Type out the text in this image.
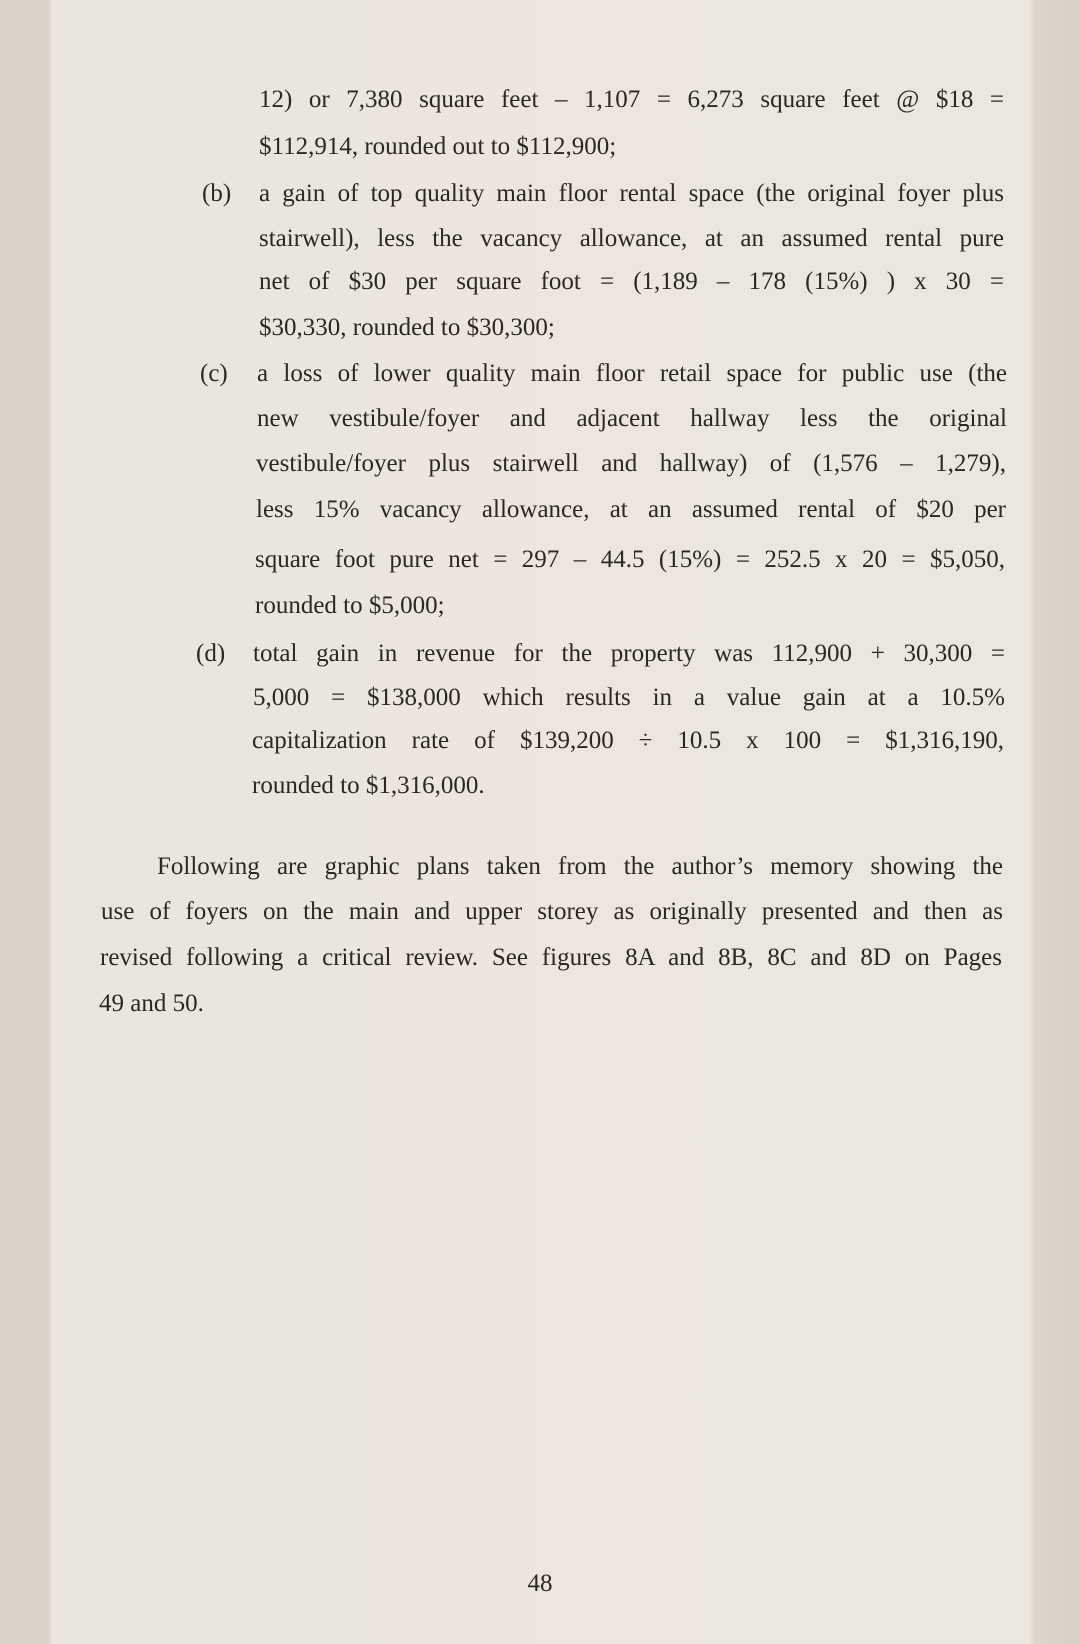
12) or 7,380 square feet – 1,107 = 6,273 square feet @ $18 =
$112,914, rounded out to $112,900;
(b) a gain of top quality main floor rental space (the original foyer plus
stairwell), less the vacancy allowance, at an assumed rental pure
net of $30 per square foot = (1,189 – 178 (15%) ) x 30 =
$30,330, rounded to $30,300;
(c) a loss of lower quality main floor retail space for public use (the
new vestibule/foyer and adjacent hallway less the original
vestibule/foyer plus stairwell and hallway) of (1,576 – 1,279),
less 15% vacancy allowance, at an assumed rental of $20 per
square foot pure net = 297 – 44.5 (15%) = 252.5 x 20 = $5,050,
rounded to $5,000;
(d) total gain in revenue for the property was 112,900 + 30,300 =
5,000 = $138,000 which results in a value gain at a 10.5%
capitalization rate of $139,200 ÷ 10.5 x 100 = $1,316,190,
rounded to $1,316,000.
Following are graphic plans taken from the author’s memory showing the
use of foyers on the main and upper storey as originally presented and then as
revised following a critical review. See figures 8A and 8B, 8C and 8D on Pages
49 and 50.
48
